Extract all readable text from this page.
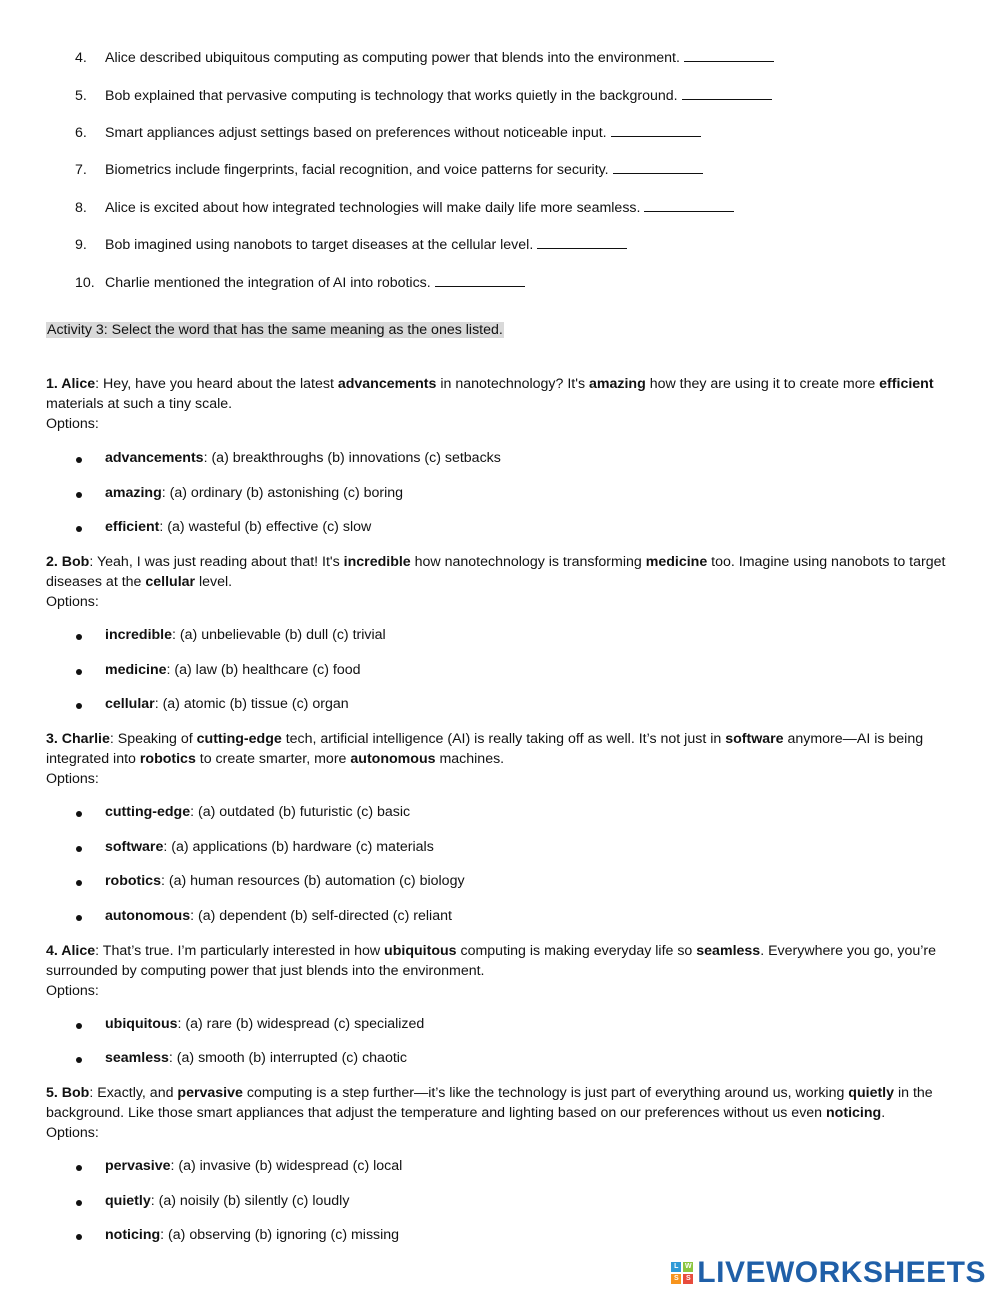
4. Alice described ubiquitous computing as computing power that blends into the environment.
5. Bob explained that pervasive computing is technology that works quietly in the background.
6. Smart appliances adjust settings based on preferences without noticeable input.
7. Biometrics include fingerprints, facial recognition, and voice patterns for security.
8. Alice is excited about how integrated technologies will make daily life more seamless.
9. Bob imagined using nanobots to target diseases at the cellular level.
10. Charlie mentioned the integration of AI into robotics.
Activity 3: Select the word that has the same meaning as the ones listed.
1. Alice: Hey, have you heard about the latest advancements in nanotechnology? It's amazing how they are using it to create more efficient materials at such a tiny scale.
Options:
advancements: (a) breakthroughs (b) innovations (c) setbacks
amazing: (a) ordinary (b) astonishing (c) boring
efficient: (a) wasteful (b) effective (c) slow
2. Bob: Yeah, I was just reading about that! It's incredible how nanotechnology is transforming medicine too. Imagine using nanobots to target diseases at the cellular level.
Options:
incredible: (a) unbelievable (b) dull (c) trivial
medicine: (a) law (b) healthcare (c) food
cellular: (a) atomic (b) tissue (c) organ
3. Charlie: Speaking of cutting-edge tech, artificial intelligence (AI) is really taking off as well. It’s not just in software anymore—AI is being integrated into robotics to create smarter, more autonomous machines.
Options:
cutting-edge: (a) outdated (b) futuristic (c) basic
software: (a) applications (b) hardware (c) materials
robotics: (a) human resources (b) automation (c) biology
autonomous: (a) dependent (b) self-directed (c) reliant
4. Alice: That’s true. I’m particularly interested in how ubiquitous computing is making everyday life so seamless. Everywhere you go, you’re surrounded by computing power that just blends into the environment.
Options:
ubiquitous: (a) rare (b) widespread (c) specialized
seamless: (a) smooth (b) interrupted (c) chaotic
5. Bob: Exactly, and pervasive computing is a step further—it’s like the technology is just part of everything around us, working quietly in the background. Like those smart appliances that adjust the temperature and lighting based on our preferences without us even noticing.
Options:
pervasive: (a) invasive (b) widespread (c) local
quietly: (a) noisily (b) silently (c) loudly
noticing: (a) observing (b) ignoring (c) missing
L W
S	S LIVEWORKSHEETS
